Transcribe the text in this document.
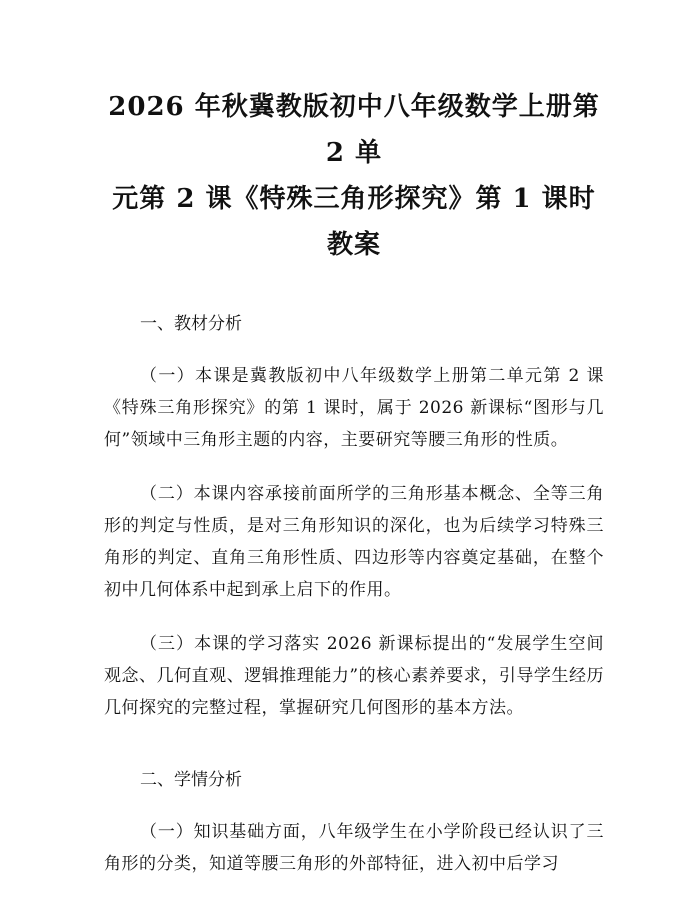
2026 年秋冀教版初中八年级数学上册第 2 单
元第 2 课《特殊三角形探究》第 1 课时教案
一、教材分析

（一）本课是冀教版初中八年级数学上册第二单元第 2 课《特殊三角形探究》的第 1 课时，属于 2026 新课标“图形与几何”领域中三角形主题的内容，主要研究等腰三角形的性质。

（二）本课内容承接前面所学的三角形基本概念、全等三角形的判定与性质，是对三角形知识的深化，也为后续学习特殊三角形的判定、直角三角形性质、四边形等内容奠定基础，在整个初中几何体系中起到承上启下的作用。

（三）本课的学习落实 2026 新课标提出的“发展学生空间观念、几何直观、逻辑推理能力”的核心素养要求，引导学生经历几何探究的完整过程，掌握研究几何图形的基本方法。

二、学情分析

（一）知识基础方面，八年级学生在小学阶段已经认识了三角形的分类，知道等腰三角形的外部特征，进入初中后学习
